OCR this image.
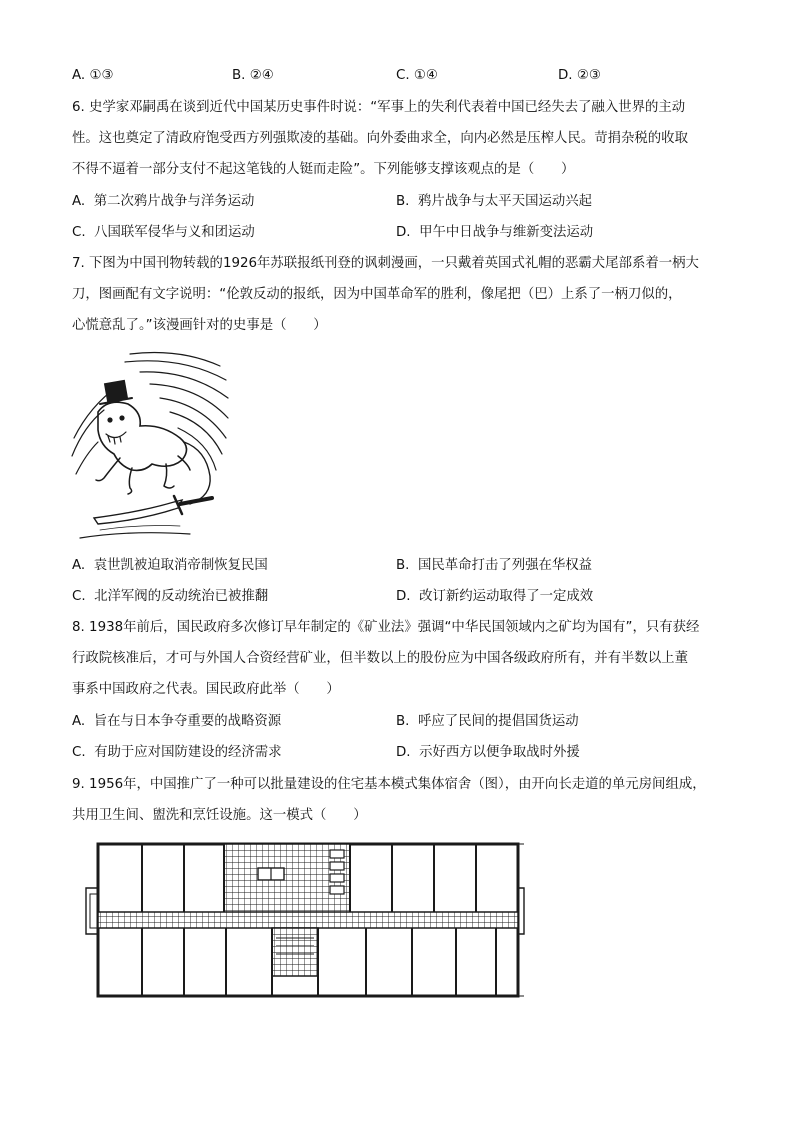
A. ①③	B. ②④	C. ①④	D. ②③
6. 史学家邓嗣禹在谈到近代中国某历史事件时说：“军事上的失利代表着中国已经失去了融入世界的主动
性。这也奠定了清政府饱受西方列强欺凌的基础。向外委曲求全，向内必然是压榨人民。苛捐杂税的收取
不得不逼着一部分支付不起这笔钱的人铤而走险”。下列能够支撑该观点的是（　　）
A. 第二次鸦片战争与洋务运动	B. 鸦片战争与太平天国运动兴起
C. 八国联军侵华与义和团运动	D. 甲午中日战争与维新变法运动
7. 下图为中国刊物转载的1926年苏联报纸刊登的讽刺漫画，一只戴着英国式礼帽的恶霸犬尾部系着一柄大
刀，图画配有文字说明：“伦敦反动的报纸，因为中国革命军的胜利，像尾把（巴）上系了一柄刀似的，
心慌意乱了。”该漫画针对的史事是（　　）
A. 袁世凯被迫取消帝制恢复民国	B. 国民革命打击了列强在华权益
C. 北洋军阀的反动统治已被推翻	D. 改订新约运动取得了一定成效
8. 1938年前后，国民政府多次修订早年制定的《矿业法》强调“中华民国领域内之矿均为国有”，只有获经
行政院核准后，才可与外国人合资经营矿业，但半数以上的股份应为中国各级政府所有，并有半数以上董
事系中国政府之代表。国民政府此举（　　）
A. 旨在与日本争夺重要的战略资源	B. 呼应了民间的提倡国货运动
C. 有助于应对国防建设的经济需求	D. 示好西方以便争取战时外援
9. 1956年，中国推广了一种可以批量建设的住宅基本模式集体宿舍（图），由开向长走道的单元房间组成，
共用卫生间、盥洗和烹饪设施。这一模式（　　）
